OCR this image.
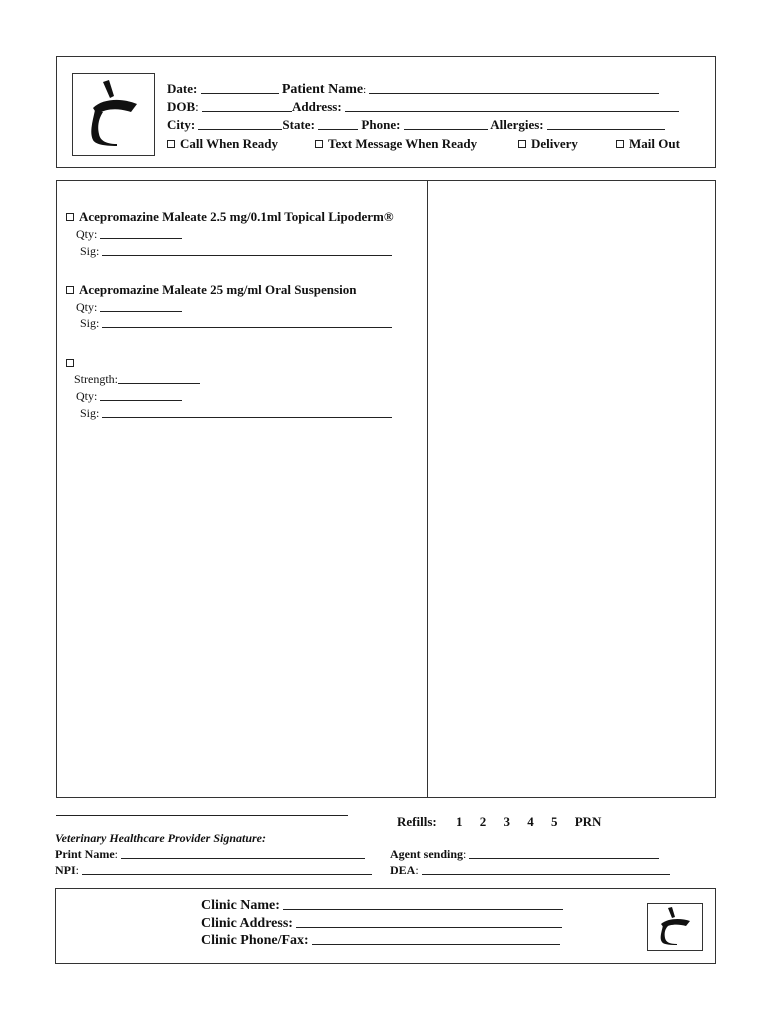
Date:	Patient Name:
DOB:	Address:
City:	State:	Phone:	Allergies:
Call When Ready	Text Message When Ready	Delivery	Mail Out
Acepromazine Maleate 2.5 mg/0.1ml Topical Lipoderm®
Qty:
Sig:
Acepromazine Maleate 25 mg/ml Oral Suspension
Qty:
Sig:
Strength:
Qty:
Sig:
Refills: 1 2 3 4 5 PRN
Veterinary Healthcare Provider Signature:
Print Name:	Agent sending:
NPI:	DEA:
Clinic Name:
Clinic Address:
Clinic Phone/Fax:
